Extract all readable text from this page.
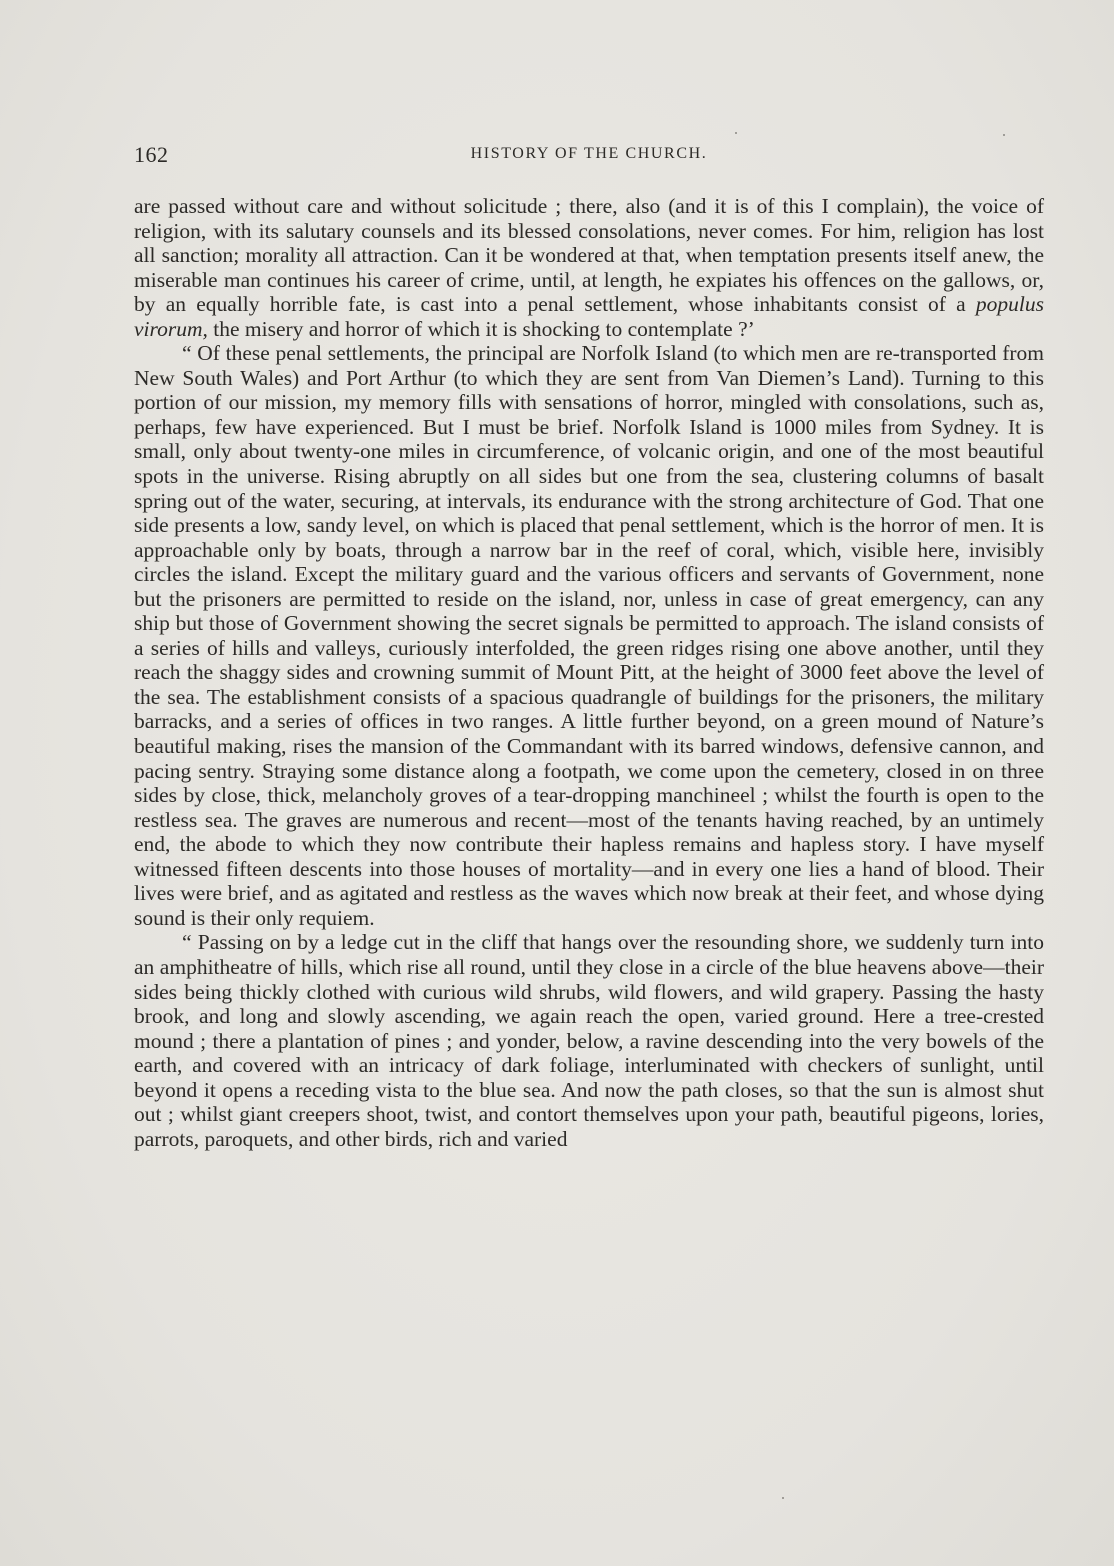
162	HISTORY OF THE CHURCH.

are passed without care and without solicitude ; there, also (and it is of this I complain), the voice of religion, with its salutary counsels and its blessed consolations, never comes. For him, religion has lost all sanction; morality all attraction. Can it be wondered at that, when temptation presents itself anew, the miserable man continues his career of crime, until, at length, he expiates his offences on the gallows, or, by an equally horrible fate, is cast into a penal settlement, whose inhabitants consist of a populus virorum, the misery and horror of which it is shocking to contemplate ?’

“ Of these penal settlements, the principal are Norfolk Island (to which men are re-transported from New South Wales) and Port Arthur (to which they are sent from Van Diemen’s Land). Turning to this portion of our mission, my memory fills with sensations of horror, mingled with consolations, such as, perhaps, few have experienced. But I must be brief. Norfolk Island is 1000 miles from Sydney. It is small, only about twenty-one miles in circumference, of volcanic origin, and one of the most beautiful spots in the universe. Rising abruptly on all sides but one from the sea, clustering columns of basalt spring out of the water, securing, at intervals, its endurance with the strong architecture of God. That one side presents a low, sandy level, on which is placed that penal settlement, which is the horror of men. It is approachable only by boats, through a narrow bar in the reef of coral, which, visible here, invisibly circles the island. Except the military guard and the various officers and servants of Government, none but the prisoners are permitted to reside on the island, nor, unless in case of great emergency, can any ship but those of Government showing the secret signals be permitted to approach. The island consists of a series of hills and valleys, curiously interfolded, the green ridges rising one above another, until they reach the shaggy sides and crowning summit of Mount Pitt, at the height of 3000 feet above the level of the sea. The establishment consists of a spacious quadrangle of buildings for the prisoners, the military barracks, and a series of offices in two ranges. A little further beyond, on a green mound of Nature’s beautiful making, rises the mansion of the Commandant with its barred windows, defensive cannon, and pacing sentry. Straying some distance along a footpath, we come upon the cemetery, closed in on three sides by close, thick, melancholy groves of a tear-dropping manchineel ; whilst the fourth is open to the restless sea. The graves are numerous and recent—most of the tenants having reached, by an untimely end, the abode to which they now contribute their hapless remains and hapless story. I have myself witnessed fifteen descents into those houses of mortality—and in every one lies a hand of blood. Their lives were brief, and as agitated and restless as the waves which now break at their feet, and whose dying sound is their only requiem.

“ Passing on by a ledge cut in the cliff that hangs over the resounding shore, we suddenly turn into an amphitheatre of hills, which rise all round, until they close in a circle of the blue heavens above—their sides being thickly clothed with curious wild shrubs, wild flowers, and wild grapery. Passing the hasty brook, and long and slowly ascending, we again reach the open, varied ground. Here a tree-crested mound ; there a plantation of pines ; and yonder, below, a ravine descending into the very bowels of the earth, and covered with an intricacy of dark foliage, interluminated with checkers of sunlight, until beyond it opens a receding vista to the blue sea. And now the path closes, so that the sun is almost shut out ; whilst giant creepers shoot, twist, and contort themselves upon your path, beautiful pigeons, lories, parrots, paroquets, and other birds, rich and varied
